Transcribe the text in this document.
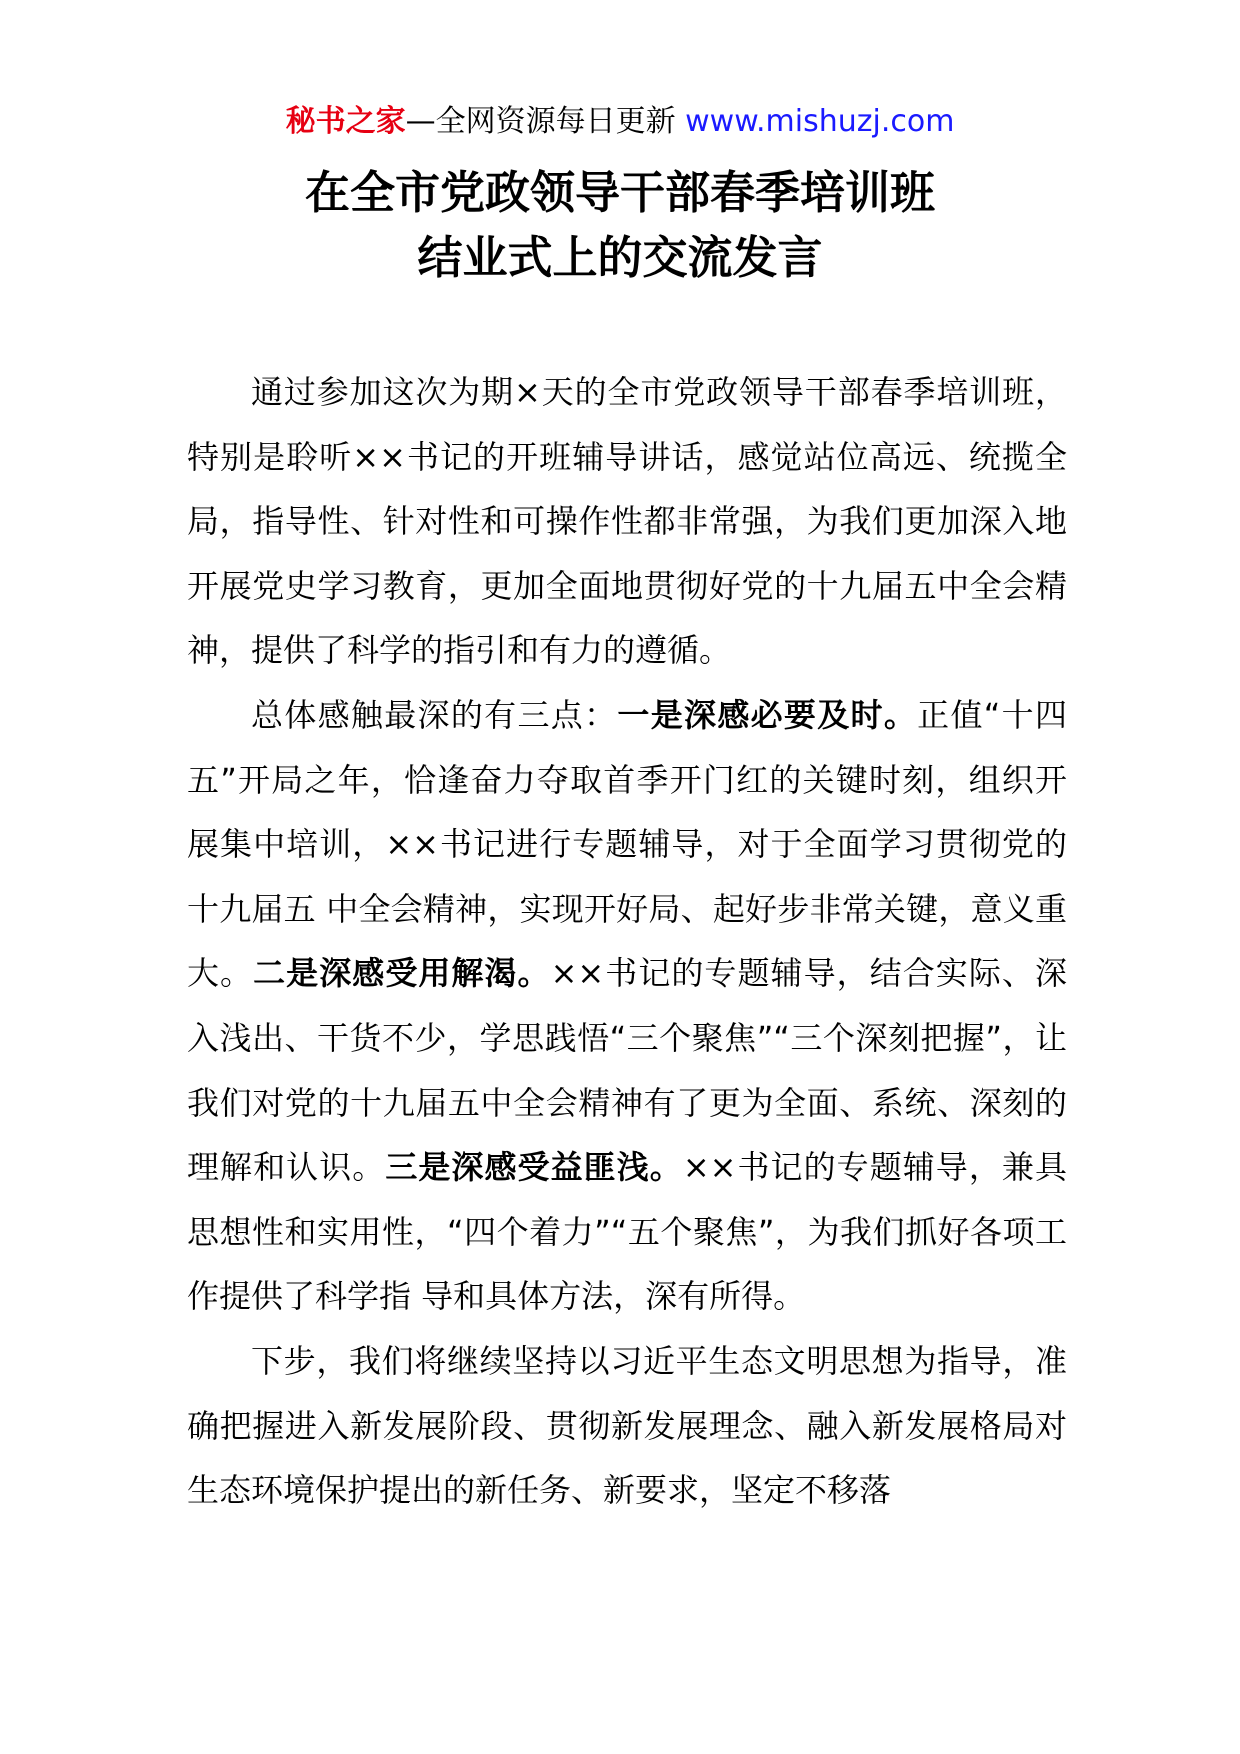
秘书之家—全网资源每日更新 www.mishuzj.com
在全市党政领导干部春季培训班
结业式上的交流发言

通过参加这次为期×天的全市党政领导干部春季培训班，特别是聆听××书记的开班辅导讲话，感觉站位高远、统揽全局，指导性、针对性和可操作性都非常强，为我们更加深入地开展党史学习教育，更加全面地贯彻好党的十九届五中全会精神，提供了科学的指引和有力的遵循。

总体感触最深的有三点：一是深感必要及时。正值“十四五”开局之年，恰逢奋力夺取首季开门红的关键时刻，组织开展集中培训，××书记进行专题辅导，对于全面学习贯彻党的十九届五 中全会精神，实现开好局、起好步非常关键，意义重大。二是深感受用解渴。××书记的专题辅导，结合实际、深入浅出、干货不少，学思践悟“三个聚焦”“三个深刻把握”，让我们对党的十九届五中全会精神有了更为全面、系统、深刻的理解和认识。三是深感受益匪浅。××书记的专题辅导，兼具思想性和实用性，“四个着力”“五个聚焦”，为我们抓好各项工作提供了科学指 导和具体方法，深有所得。

下步，我们将继续坚持以习近平生态文明思想为指导，准确把握进入新发展阶段、贯彻新发展理念、融入新发展格局对生态环境保护提出的新任务、新要求，坚定不移落
